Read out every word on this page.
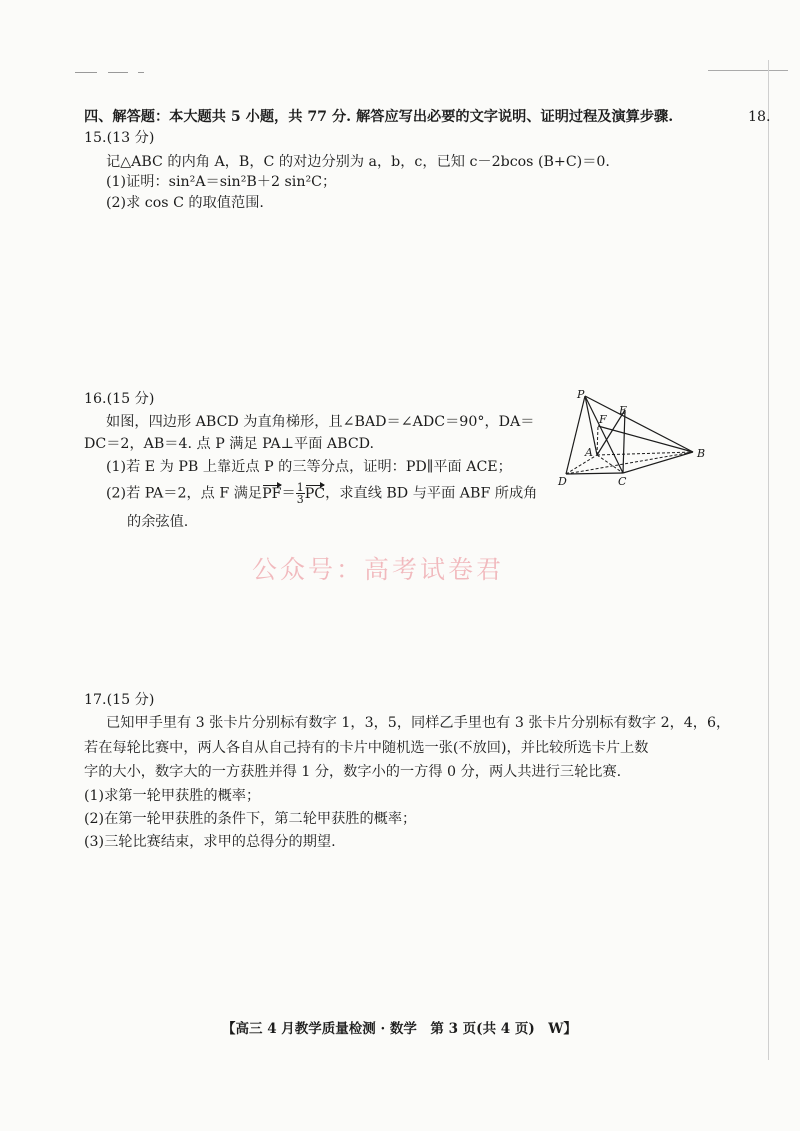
18.
四、解答题：本大题共 5 小题，共 77 分. 解答应写出必要的文字说明、证明过程及演算步骤.
15.(13 分)
记△ABC 的内角 A，B，C 的对边分别为 a，b，c，已知 c－2bcos (B+C)＝0.
(1)证明：sin²A＝sin²B＋2 sin²C；
(2)求 cos C 的取值范围.
16.(15 分)
如图，四边形 ABCD 为直角梯形，且∠BAD＝∠ADC＝90°，DA＝
DC＝2，AB＝4. 点 P 满足 PA⊥平面 ABCD.
(1)若 E 为 PB 上靠近点 P 的三等分点，证明：PD∥平面 ACE；
(2)若 PA＝2，点 F 满足$PF= \frac{1}{3}$ PC，求直线 BD 与平面 ABF 所成角
的余弦值.
P
E
F
A	B
C
D
公众号：高考试卷君
17.(15 分)
已知甲手里有 3 张卡片分别标有数字 1，3，5，同样乙手里也有 3 张卡片分别标有数字 2，4，6，
若在每轮比赛中，两人各自从自己持有的卡片中随机选一张(不放回)，并比较所选卡片上数
字的大小，数字大的一方获胜并得 1 分，数字小的一方得 0 分，两人共进行三轮比赛.
(1)求第一轮甲获胜的概率；
(2)在第一轮甲获胜的条件下，第二轮甲获胜的概率；
(3)三轮比赛结束，求甲的总得分的期望.
【高三 4 月教学质量检测 · 数学　第 3 页(共 4 页)　W】
